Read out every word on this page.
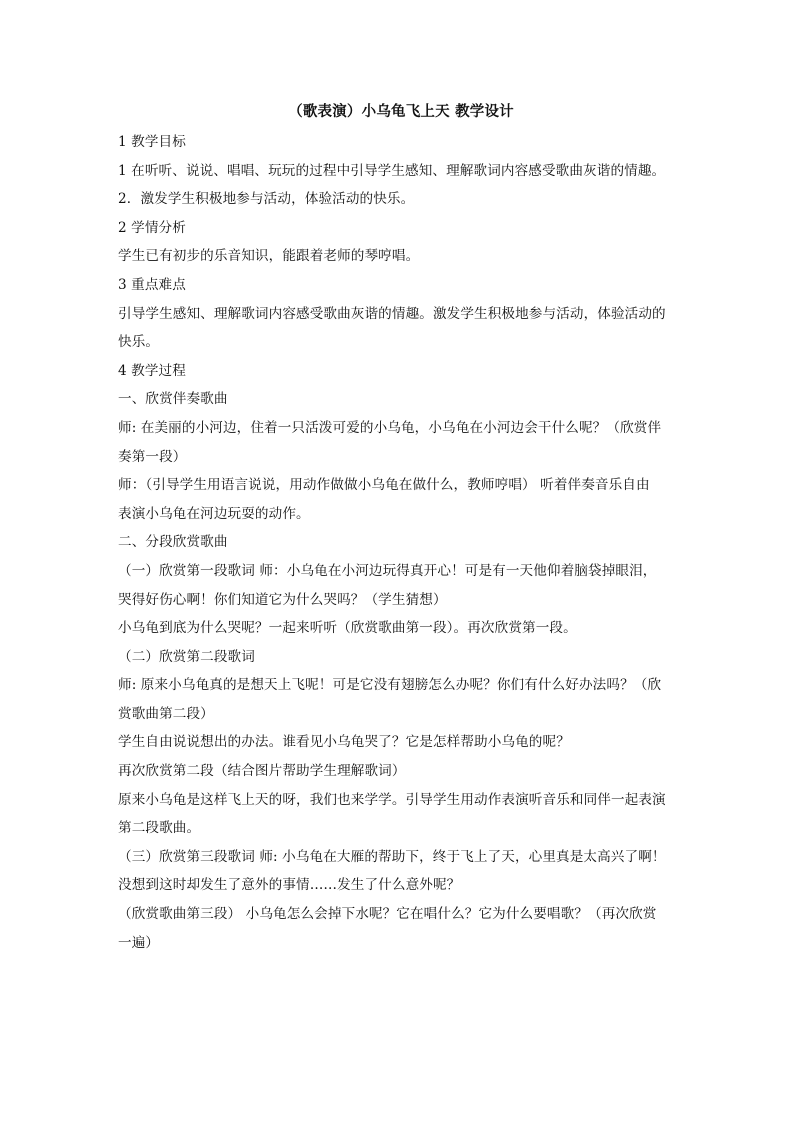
（歌表演）小乌龟飞上天 教学设计

1 教学目标

1 在听听、说说、唱唱、玩玩的过程中引导学生感知、理解歌词内容感受歌曲灰谐的情趣。

2．激发学生积极地参与活动，体验活动的快乐。

2 学情分析

学生已有初步的乐音知识，能跟着老师的琴哼唱。

3 重点难点

引导学生感知、理解歌词内容感受歌曲灰谐的情趣。激发学生积极地参与活动，体验活动的

快乐。

4 教学过程

一、欣赏伴奏歌曲

师: 在美丽的小河边，住着一只活泼可爱的小乌龟，小乌龟在小河边会干什么呢？（欣赏伴

奏第一段）

师：（引导学生用语言说说，用动作做做小乌龟在做什么，教师哼唱） 听着伴奏音乐自由

表演小乌龟在河边玩耍的动作。

二、分段欣赏歌曲

（一）欣赏第一段歌词 师：小乌龟在小河边玩得真开心！可是有一天他仰着脑袋掉眼泪，

哭得好伤心啊！你们知道它为什么哭吗？（学生猜想）

小乌龟到底为什么哭呢？一起来听听（欣赏歌曲第一段）。再次欣赏第一段。

（二）欣赏第二段歌词

师: 原来小乌龟真的是想天上飞呢！可是它没有翅膀怎么办呢？你们有什么好办法吗？（欣

赏歌曲第二段）

学生自由说说想出的办法。谁看见小乌龟哭了？它是怎样帮助小乌龟的呢？

再次欣赏第二段（结合图片帮助学生理解歌词）

原来小乌龟是这样飞上天的呀，我们也来学学。引导学生用动作表演听音乐和同伴一起表演

第二段歌曲。

（三）欣赏第三段歌词 师: 小乌龟在大雁的帮助下，终于飞上了天，心里真是太高兴了啊！

没想到这时却发生了意外的事情……发生了什么意外呢？

（欣赏歌曲第三段） 小乌龟怎么会掉下水呢？它在唱什么？它为什么要唱歌？（再次欣赏

一遍）
